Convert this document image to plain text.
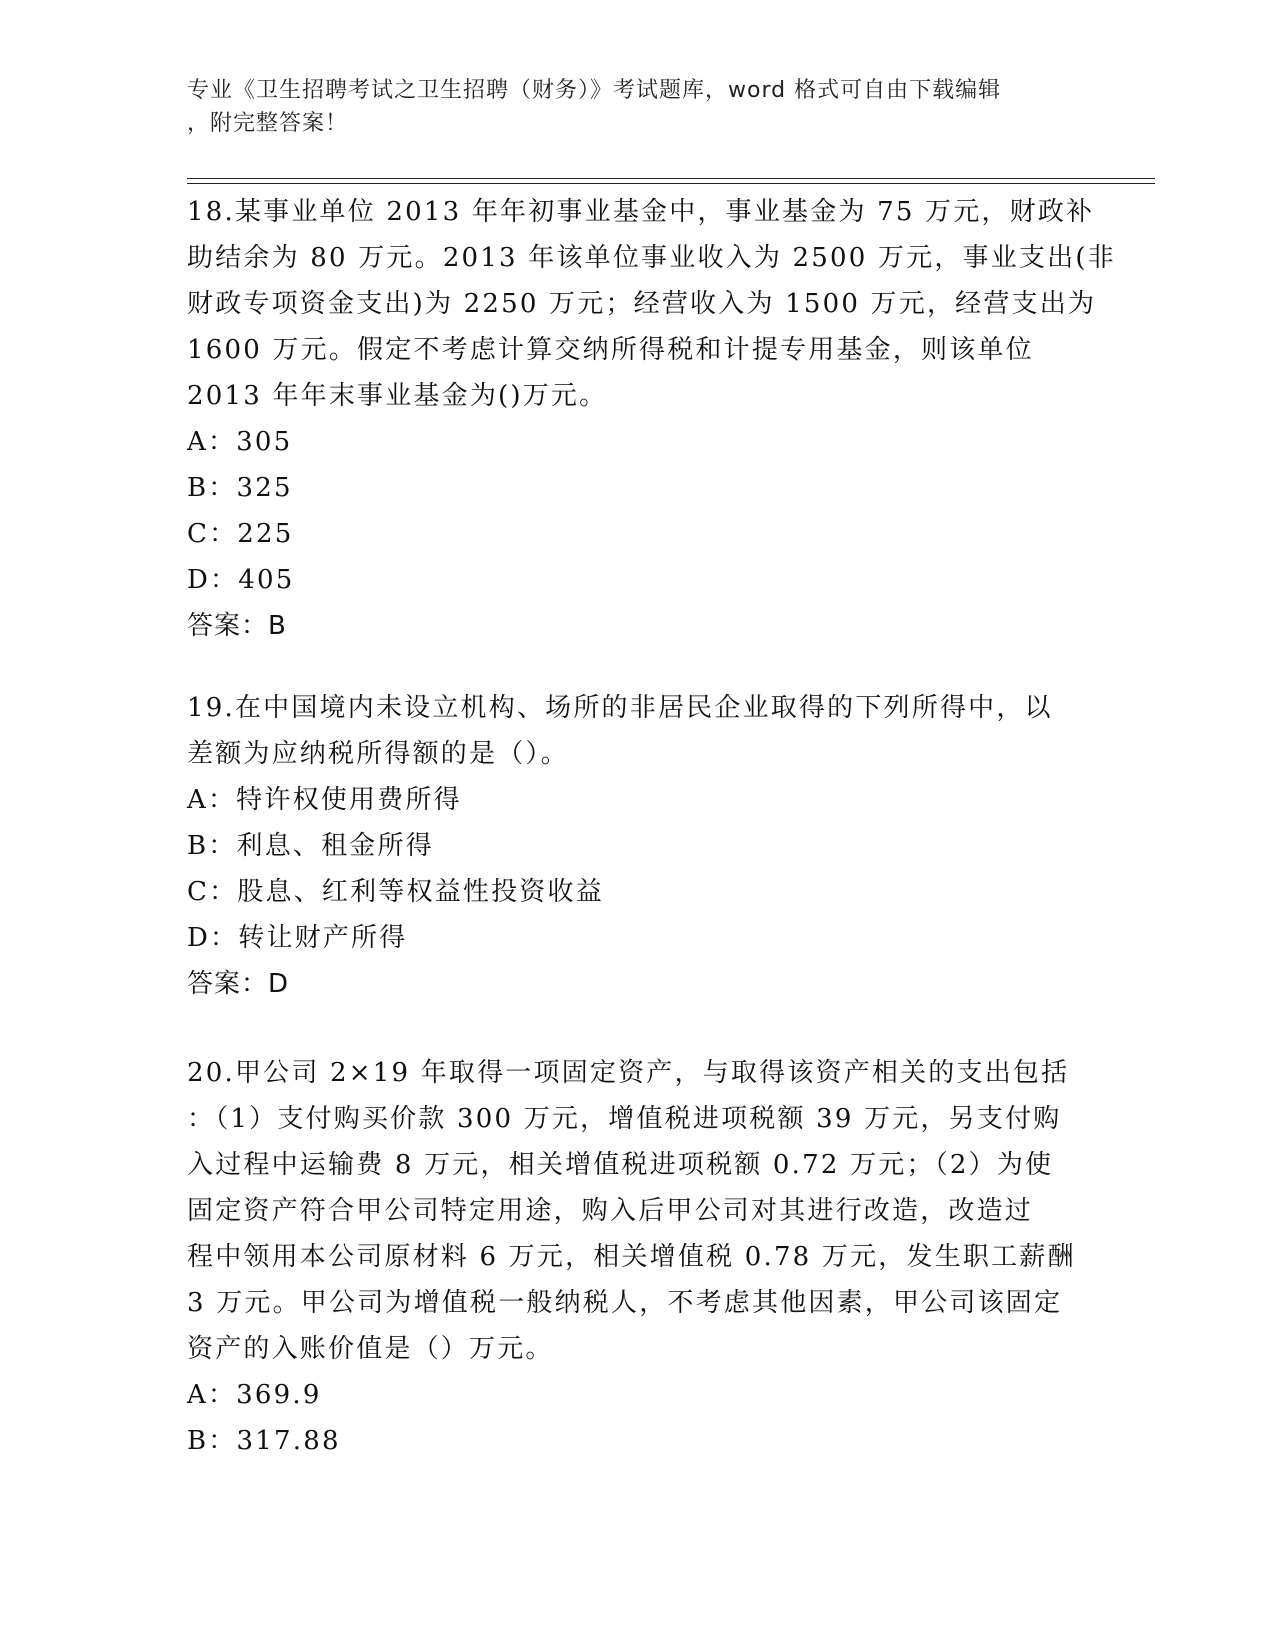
专业《卫生招聘考试之卫生招聘（财务）》考试题库，word 格式可自由下载编辑
，附完整答案！
18.某事业单位 2013 年年初事业基金中，事业基金为 75 万元，财政补
助结余为 80 万元。2013 年该单位事业收入为 2500 万元，事业支出(非
财政专项资金支出)为 2250 万元；经营收入为 1500 万元，经营支出为
1600 万元。假定不考虑计算交纳所得税和计提专用基金，则该单位
2013 年年末事业基金为()万元。
A：305
B：325
C：225
D：405
答案：B
19.在中国境内未设立机构、场所的非居民企业取得的下列所得中，以
差额为应纳税所得额的是（）。
A：特许权使用费所得
B：利息、租金所得
C：股息、红利等权益性投资收益
D：转让财产所得
答案：D
20.甲公司 2×19 年取得一项固定资产，与取得该资产相关的支出包括
：（1）支付购买价款 300 万元，增值税进项税额 39 万元，另支付购
入过程中运输费 8 万元，相关增值税进项税额 0.72 万元；（2）为使
固定资产符合甲公司特定用途，购入后甲公司对其进行改造，改造过
程中领用本公司原材料 6 万元，相关增值税 0.78 万元，发生职工薪酬
3 万元。甲公司为增值税一般纳税人，不考虑其他因素，甲公司该固定
资产的入账价值是（）万元。
A：369.9
B：317.88
